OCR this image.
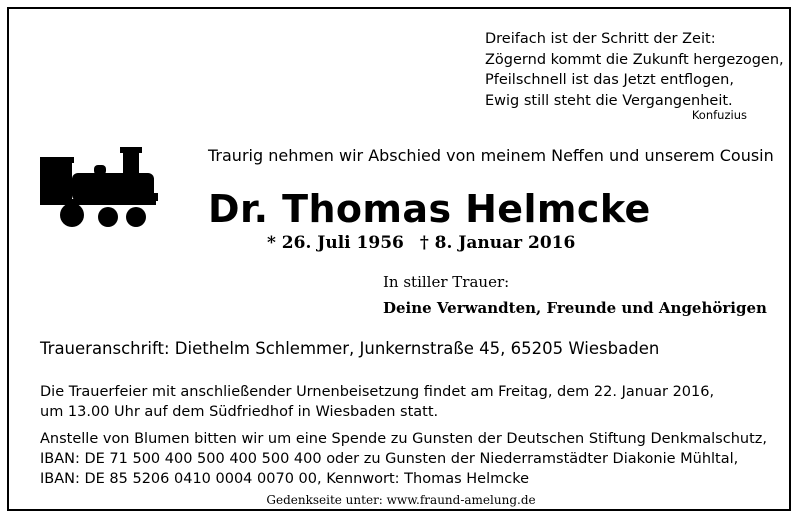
Dreifach ist der Schritt der Zeit:
Zögernd kommt die Zukunft hergezogen,
Pfeilschnell ist das Jetzt entflogen,
Ewig still steht die Vergangenheit.
Konfuzius
Traurig nehmen wir Abschied von meinem Neffen und unserem Cousin
Dr. Thomas Helmcke
* 26. Juli 1956 † 8. Januar 2016
In stiller Trauer:
Deine Verwandten, Freunde und Angehörigen
Traueranschrift: Diethelm Schlemmer, Junkernstraße 45, 65205 Wiesbaden
Die Trauerfeier mit anschließender Urnenbeisetzung findet am Freitag, dem 22. Januar 2016,
um 13.00 Uhr auf dem Südfriedhof in Wiesbaden statt.
Anstelle von Blumen bitten wir um eine Spende zu Gunsten der Deutschen Stiftung Denkmalschutz,
IBAN: DE 71 500 400 500 400 500 400 oder zu Gunsten der Niederramstädter Diakonie Mühltal,
IBAN: DE 85 5206 0410 0004 0070 00, Kennwort: Thomas Helmcke
Gedenkseite unter: www.fraund-amelung.de
